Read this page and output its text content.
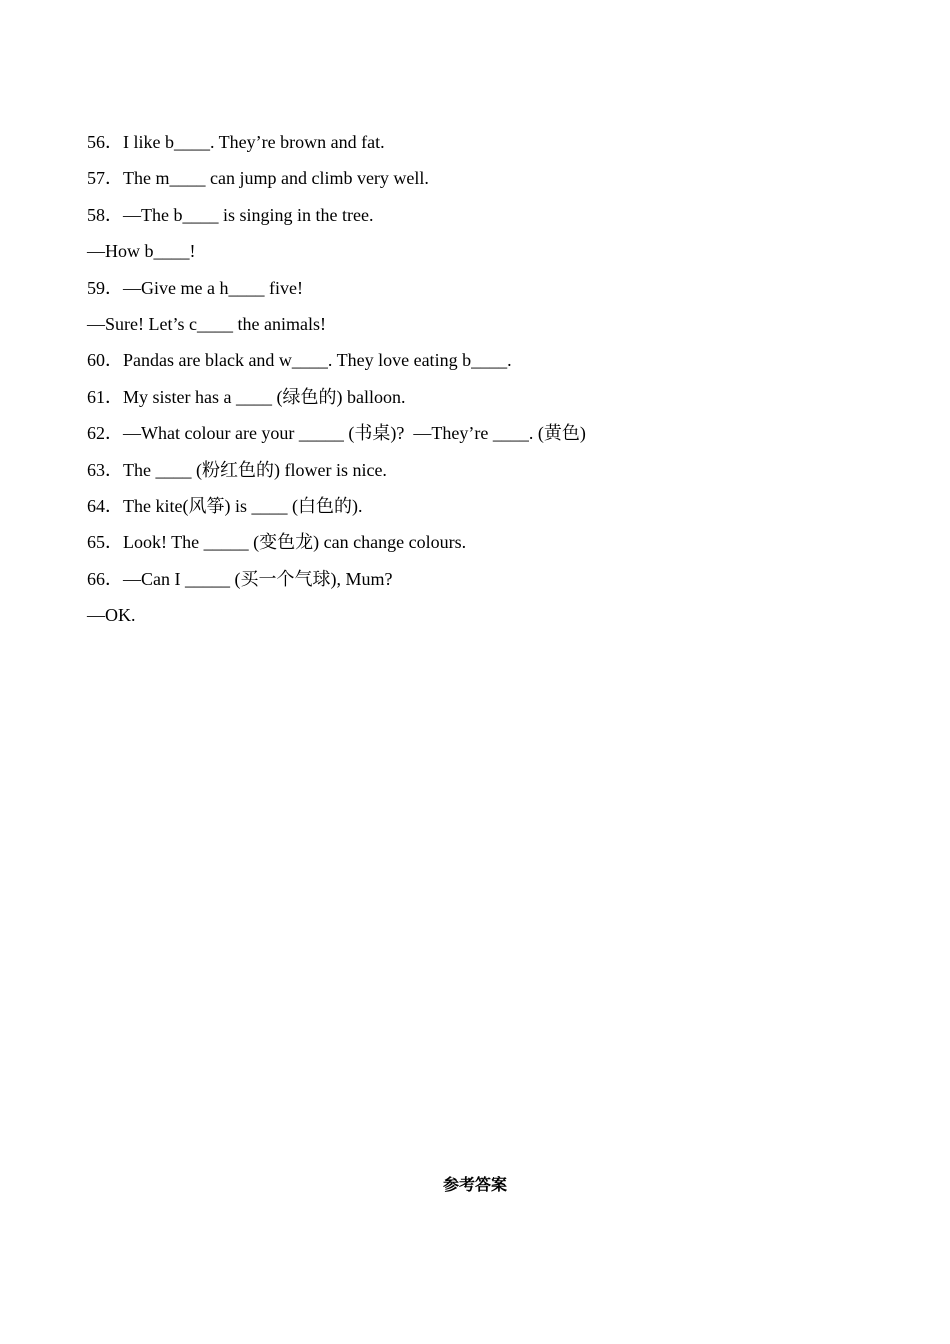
56．I like b____. They’re brown and fat.
57．The m____ can jump and climb very well.
58．—The b____ is singing in the tree.
—How b____!
59．—Give me a h____ five!
—Sure! Let’s c____ the animals!
60．Pandas are black and w____. They love eating b____.
61．My sister has a ____ (绿色的) balloon.
62．—What colour are your _____ (书桌)?  —They’re ____. (黄色)
63．The ____ (粉红色的) flower is nice.
64．The kite(风筝) is ____ (白色的).
65．Look! The _____ (变色龙) can change colours.
66．—Can I _____ (买一个气球), Mum?
—OK.
参考答案
